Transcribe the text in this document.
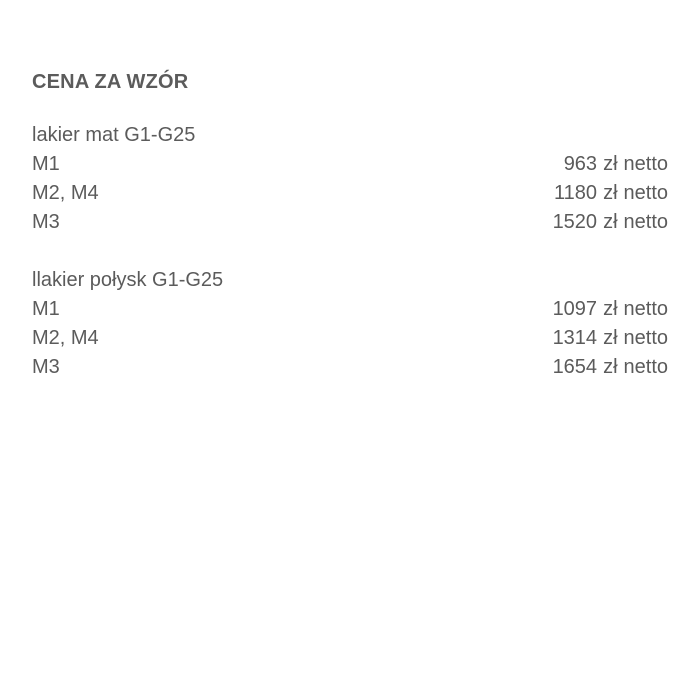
CENA ZA WZÓR
lakier mat G1-G25
M1	963 zł netto
M2, M4	1180 zł netto
M3	1520 zł netto
llakier połysk G1-G25
M1	1097 zł netto
M2, M4	1314 zł netto
M3	1654 zł netto
